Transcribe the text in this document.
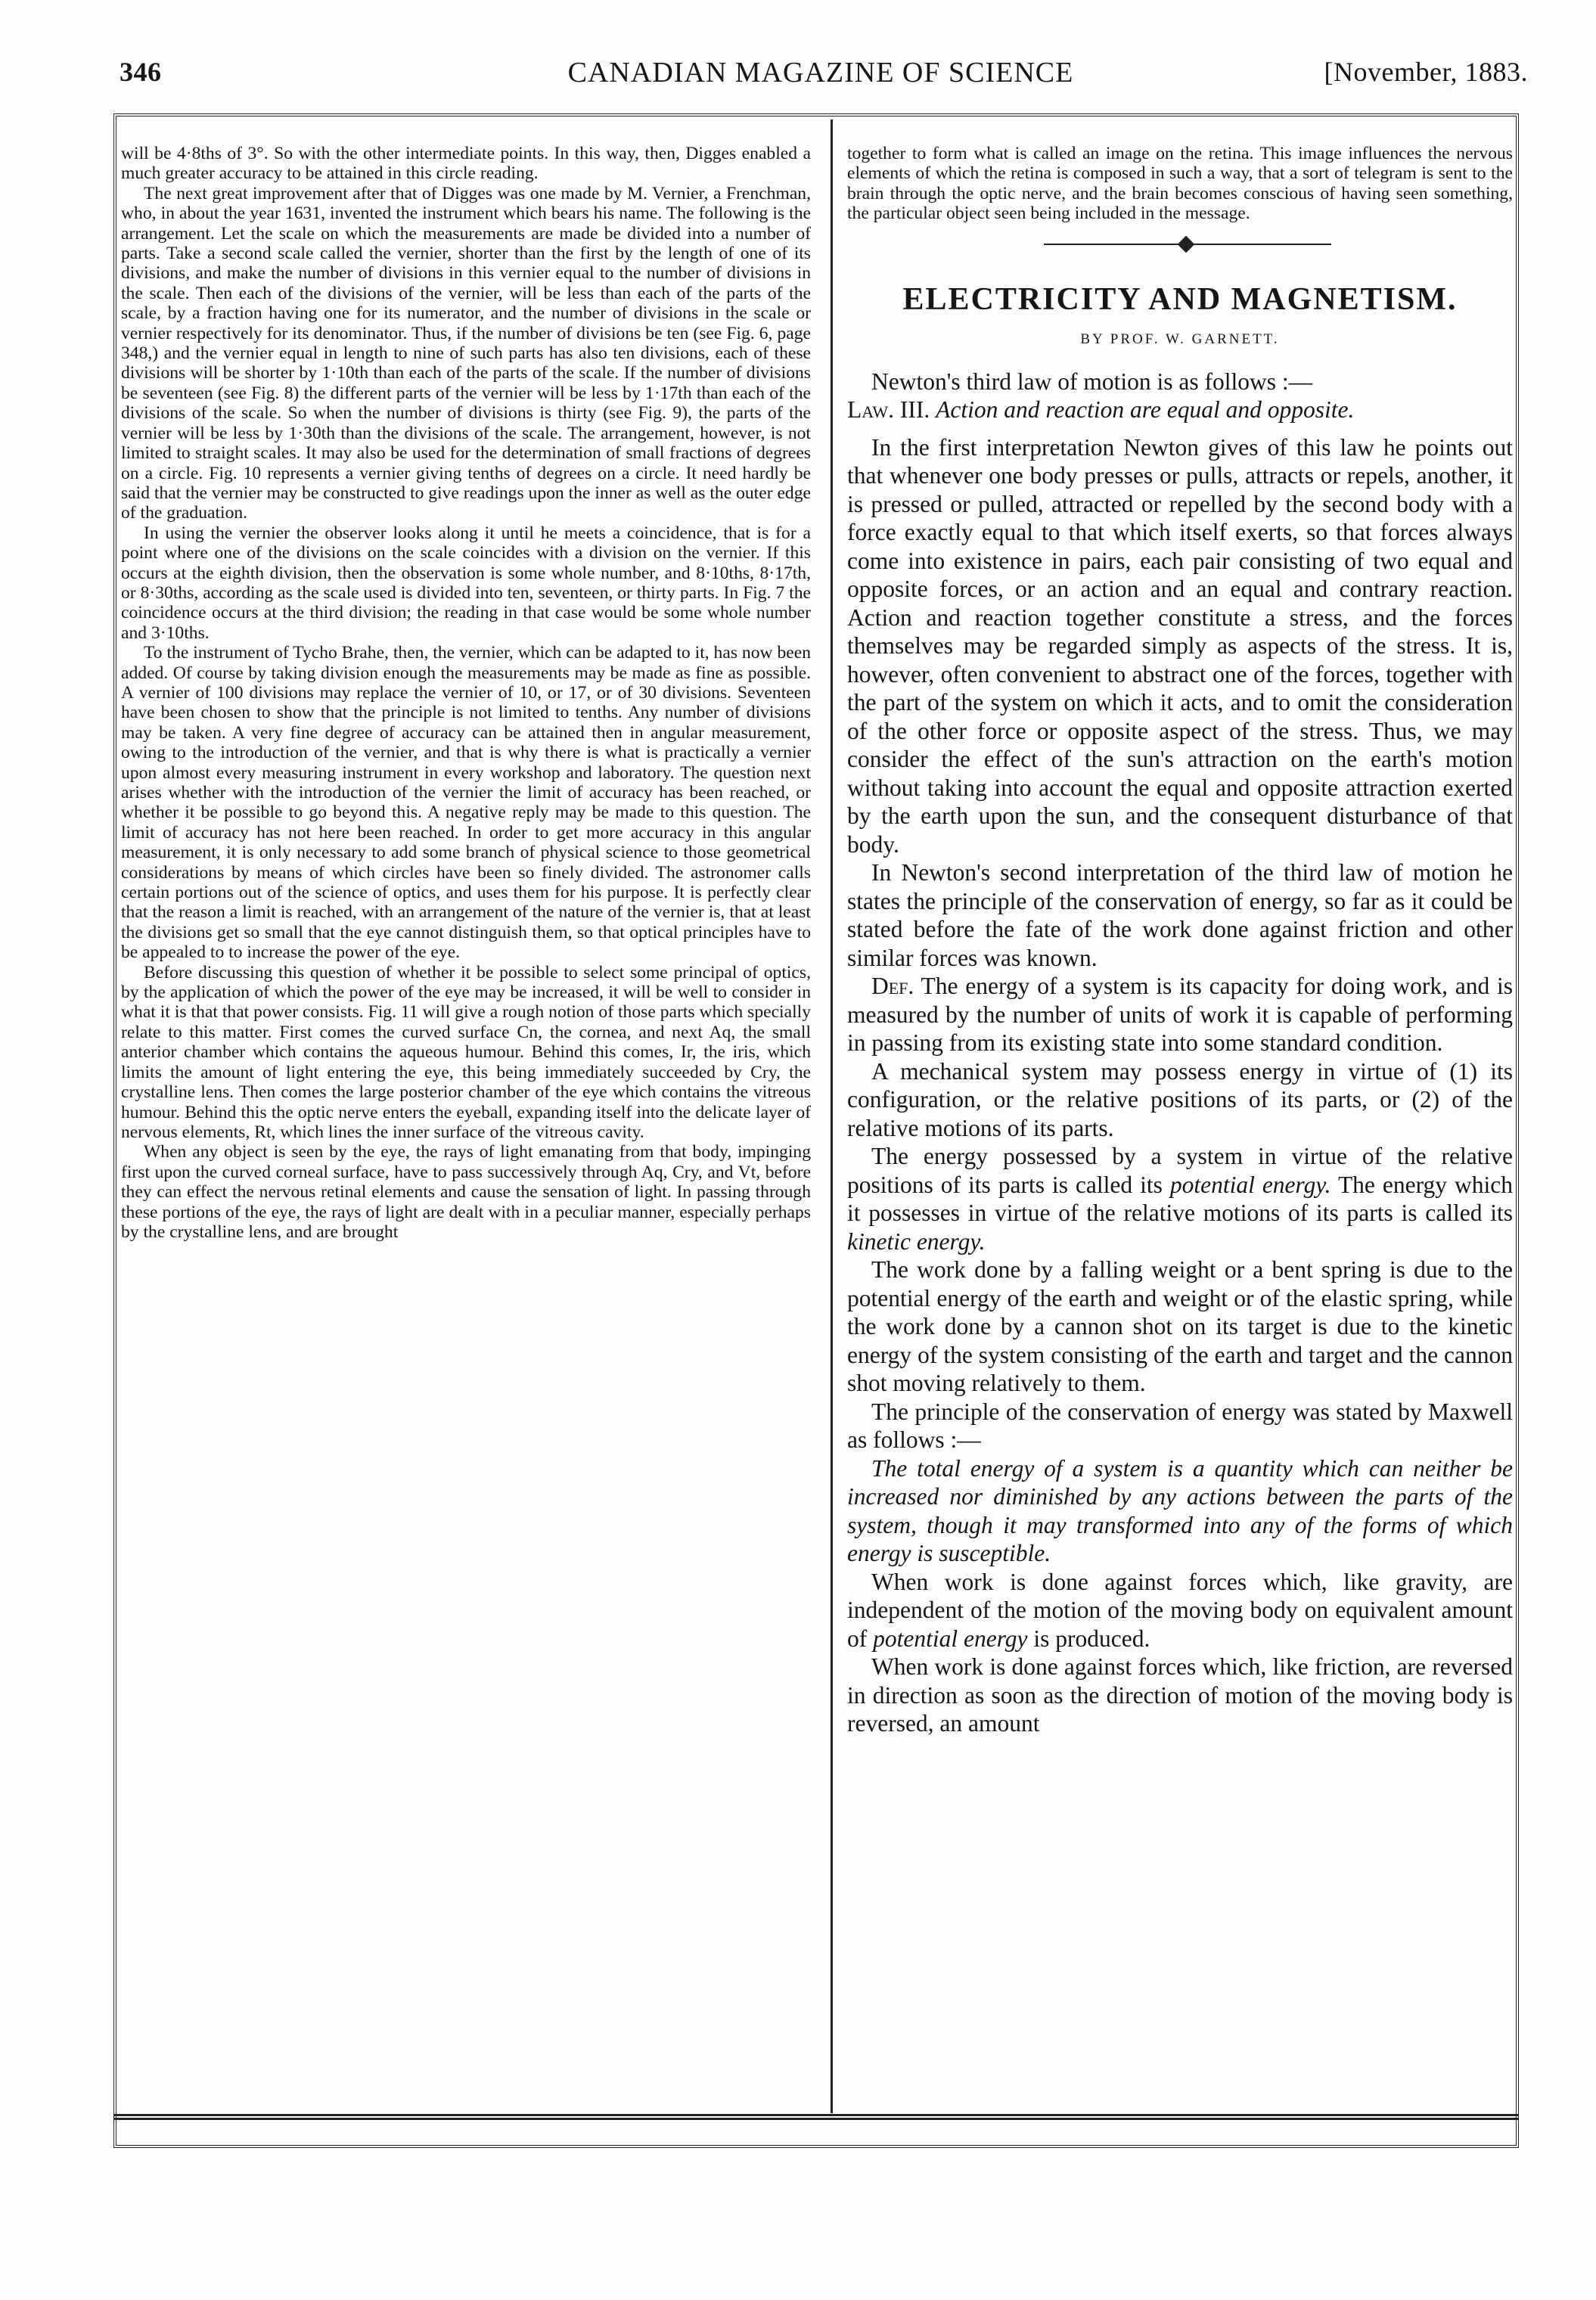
346	CANADIAN MAGAZINE OF SCIENCE	[November, 1883.

will be 4·8ths of 3°. So with the other intermediate points. In this way, then, Digges enabled a much greater accuracy to be attained in this circle reading.

The next great improvement after that of Digges was one made by M. Vernier, a Frenchman, who, in about the year 1631, invented the instrument which bears his name. The following is the arrangement. Let the scale on which the measurements are made be divided into a number of parts. Take a second scale called the vernier, shorter than the first by the length of one of its divisions, and make the number of divisions in this vernier equal to the number of divisions in the scale. Then each of the divisions of the vernier, will be less than each of the parts of the scale, by a fraction having one for its numerator, and the number of divisions in the scale or vernier respectively for its denominator. Thus, if the number of divisions be ten (see Fig. 6, page 348,) and the vernier equal in length to nine of such parts has also ten divisions, each of these divisions will be shorter by 1·10th than each of the parts of the scale. If the number of divisions be seventeen (see Fig. 8) the different parts of the vernier will be less by 1·17th than each of the divisions of the scale. So when the number of divisions is thirty (see Fig. 9), the parts of the vernier will be less by 1·30th than the divisions of the scale. The arrangement, however, is not limited to straight scales. It may also be used for the determination of small fractions of degrees on a circle. Fig. 10 represents a vernier giving tenths of degrees on a circle. It need hardly be said that the vernier may be constructed to give readings upon the inner as well as the outer edge of the graduation.

In using the vernier the observer looks along it until he meets a coincidence, that is for a point where one of the divisions on the scale coincides with a division on the vernier. If this occurs at the eighth division, then the observation is some whole number, and 8·10ths, 8·17th, or 8·30ths, according as the scale used is divided into ten, seventeen, or thirty parts. In Fig. 7 the coincidence occurs at the third division; the reading in that case would be some whole number and 3·10ths.

To the instrument of Tycho Brahe, then, the vernier, which can be adapted to it, has now been added. Of course by taking division enough the measurements may be made as fine as possible. A vernier of 100 divisions may replace the vernier of 10, or 17, or of 30 divisions. Seventeen have been chosen to show that the principle is not limited to tenths. Any number of divisions may be taken. A very fine degree of accuracy can be attained then in angular measurement, owing to the introduction of the vernier, and that is why there is what is practically a vernier upon almost every measuring instrument in every workshop and laboratory. The question next arises whether with the introduction of the vernier the limit of accuracy has been reached, or whether it be possible to go beyond this. A negative reply may be made to this question. The limit of accuracy has not here been reached. In order to get more accuracy in this angular measurement, it is only necessary to add some branch of physical science to those geometrical considerations by means of which circles have been so finely divided. The astronomer calls certain portions out of the science of optics, and uses them for his purpose. It is perfectly clear that the reason a limit is reached, with an arrangement of the nature of the vernier is, that at least the divisions get so small that the eye cannot distinguish them, so that optical principles have to be appealed to to increase the power of the eye.

Before discussing this question of whether it be possible to select some principal of optics, by the application of which the power of the eye may be increased, it will be well to consider in what it is that that power consists. Fig. 11 will give a rough notion of those parts which specially relate to this matter. First comes the curved surface Cn, the cornea, and next Aq, the small anterior chamber which contains the aqueous humour. Behind this comes, Ir, the iris, which limits the amount of light entering the eye, this being immediately succeeded by Cry, the crystalline lens. Then comes the large posterior chamber of the eye which contains the vitreous humour. Behind this the optic nerve enters the eyeball, expanding itself into the delicate layer of nervous elements, Rt, which lines the inner surface of the vitreous cavity.

When any object is seen by the eye, the rays of light emanating from that body, impinging first upon the curved corneal surface, have to pass successively through Aq, Cry, and Vt, before they can effect the nervous retinal elements and cause the sensation of light. In passing through these portions of the eye, the rays of light are dealt with in a peculiar manner, especially perhaps by the crystalline lens, and are brought

together to form what is called an image on the retina. This image influences the nervous elements of which the retina is composed in such a way, that a sort of telegram is sent to the brain through the optic nerve, and the brain becomes conscious of having seen something, the particular object seen being included in the message.

ELECTRICITY AND MAGNETISM.
BY PROF. W. GARNETT.

Newton's third law of motion is as follows :—

Law. III. Action and reaction are equal and opposite.

In the first interpretation Newton gives of this law he points out that whenever one body presses or pulls, attracts or repels, another, it is pressed or pulled, attracted or repelled by the second body with a force exactly equal to that which itself exerts, so that forces always come into existence in pairs, each pair consisting of two equal and opposite forces, or an action and an equal and contrary reaction. Action and reaction together constitute a stress, and the forces themselves may be regarded simply as aspects of the stress. It is, however, often convenient to abstract one of the forces, together with the part of the system on which it acts, and to omit the consideration of the other force or opposite aspect of the stress. Thus, we may consider the effect of the sun's attraction on the earth's motion without taking into account the equal and opposite attraction exerted by the earth upon the sun, and the consequent disturbance of that body.

In Newton's second interpretation of the third law of motion he states the principle of the conservation of energy, so far as it could be stated before the fate of the work done against friction and other similar forces was known.

Def. The energy of a system is its capacity for doing work, and is measured by the number of units of work it is capable of performing in passing from its existing state into some standard condition.

A mechanical system may possess energy in virtue of (1) its configuration, or the relative positions of its parts, or (2) of the relative motions of its parts.

The energy possessed by a system in virtue of the relative positions of its parts is called its potential energy. The energy which it possesses in virtue of the relative motions of its parts is called its kinetic energy.

The work done by a falling weight or a bent spring is due to the potential energy of the earth and weight or of the elastic spring, while the work done by a cannon shot on its target is due to the kinetic energy of the system consisting of the earth and target and the cannon shot moving relatively to them.

The principle of the conservation of energy was stated by Maxwell as follows :—

The total energy of a system is a quantity which can neither be increased nor diminished by any actions between the parts of the system, though it may transformed into any of the forms of which energy is susceptible.

When work is done against forces which, like gravity, are independent of the motion of the moving body on equivalent amount of potential energy is produced.

When work is done against forces which, like friction, are reversed in direction as soon as the direction of motion of the moving body is reversed, an amount
